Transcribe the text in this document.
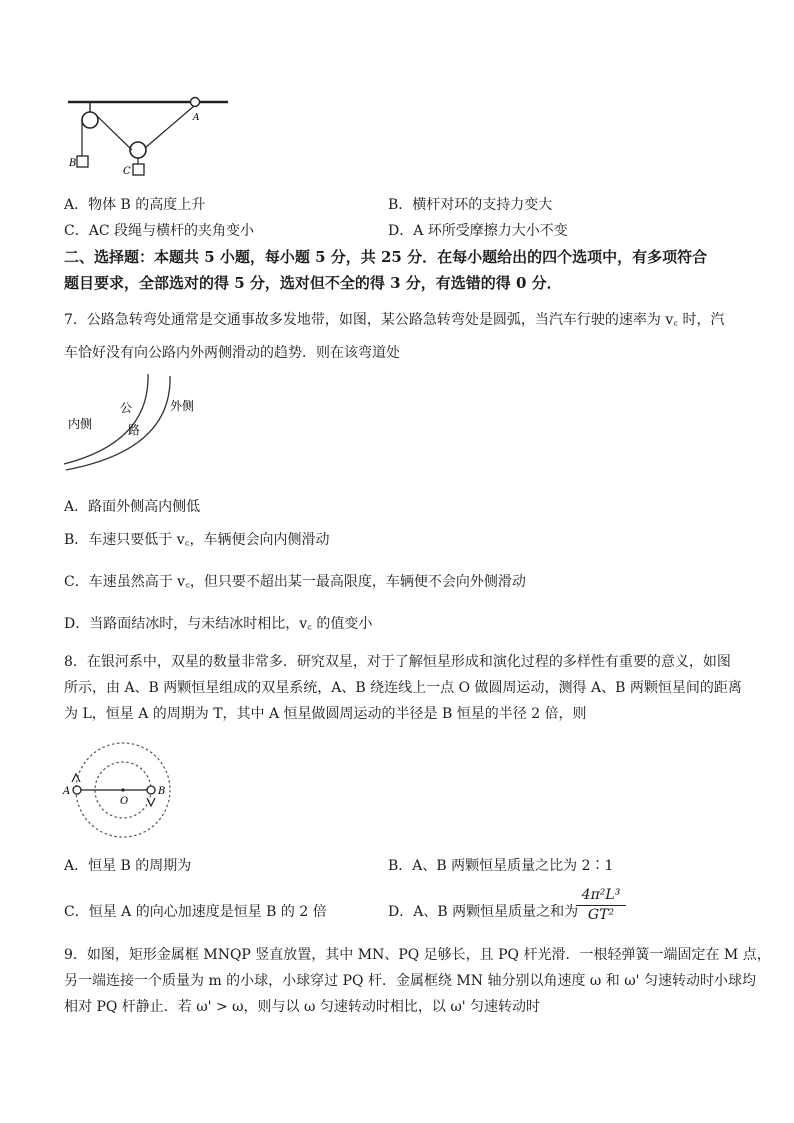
B
C
A
A．物体 B 的高度上升	B．横杆对环的支持力变大
C．AC 段绳与横杆的夹角变小	D．A 环所受摩擦力大小不变
二、选择题：本题共 5 小题，每小题 5 分，共 25 分．在每小题给出的四个选项中，有多项符合
题目要求，全部选对的得 5 分，选对但不全的得 3 分，有选错的得 0 分．
7．公路急转弯处通常是交通事故多发地带，如图，某公路急转弯处是圆弧，当汽车行驶的速率为 v꜀ 时，汽
车恰好没有向公路内外两侧滑动的趋势．则在该弯道处
内侧
公
路
外侧
A．路面外侧高内侧低
B．车速只要低于 v꜀，车辆便会向内侧滑动
C．车速虽然高于 v꜀，但只要不超出某一最高限度，车辆便不会向外侧滑动
D．当路面结冰时，与未结冰时相比，v꜀ 的值变小
8．在银河系中，双星的数量非常多．研究双星，对于了解恒星形成和演化过程的多样性有重要的意义，如图
所示，由 A、B 两颗恒星组成的双星系统，A、B 绕连线上一点 O 做圆周运动，测得 A、B 两颗恒星间的距离
为 L，恒星 A 的周期为 T，其中 A 恒星做圆周运动的半径是 B 恒星的半径 2 倍，则
A
O
B
A．恒星 B 的周期为	B．A、B 两颗恒星质量之比为 2∶1
C．恒星 A 的向心加速度是恒星 B 的 2 倍	D．A、B 两颗恒星质量之和为
$\frac{\text{4π²L³}}{\text{GT²}}$
9．如图，矩形金属框 MNQP 竖直放置，其中 MN、PQ 足够长，且 PQ 杆光滑．一根轻弹簧一端固定在 M 点，
另一端连接一个质量为 m 的小球，小球穿过 PQ 杆．金属框绕 MN 轴分别以角速度 ω 和 ω' 匀速转动时小球均
相对 PQ 杆静止．若 ω' > ω，则与以 ω 匀速转动时相比，以 ω' 匀速转动时
